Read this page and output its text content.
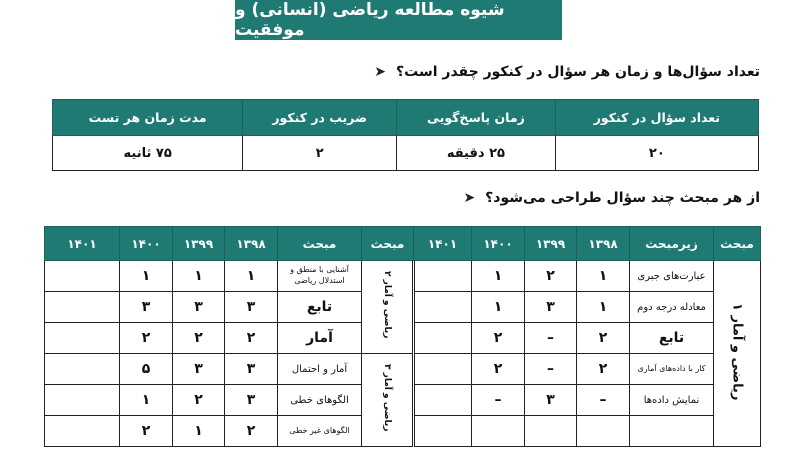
شیوه مطالعه ریاضی (انسانی) و موفقیت
➤ تعداد سؤال‌ها و زمان هر سؤال در کنکور چقدر است؟
تعداد سؤال در کنکور	زمان پاسخ‌گویی	ضریب در کنکور	مدت زمان هر تست
۲۰	۲۵ دقیقه	۲	۷۵ ثانیه
➤ از هر مبحث چند سؤال طراحی می‌شود؟
مبحث	زیرمبحث	۱۳۹۸	۱۳۹۹	۱۴۰۰	۱۴۰۱	مبحث	مبحث	۱۳۹۸	۱۳۹۹	۱۴۰۰	۱۴۰۱
ریاضی و آمار ۱	عبارت‌های جبری	۱	۲	۱		ریاضی و آمار ۲	آشنایی با منطق و استدلال ریاضی	۱	۱	۱	
	معادله درجه دوم	۱	۳	۱			تابع	۳	۳	۳	
	تابع	۲	–	۲			آمار	۲	۲	۲	
	کار با داده‌های آماری	۲	–	۲		ریاضی و آمار ۳	آمار و احتمال	۳	۳	۵	
	نمایش داده‌ها	–	۳	–			الگوهای خطی	۳	۲	۱	
							الگوهای غیر خطی	۲	۱	۲	
